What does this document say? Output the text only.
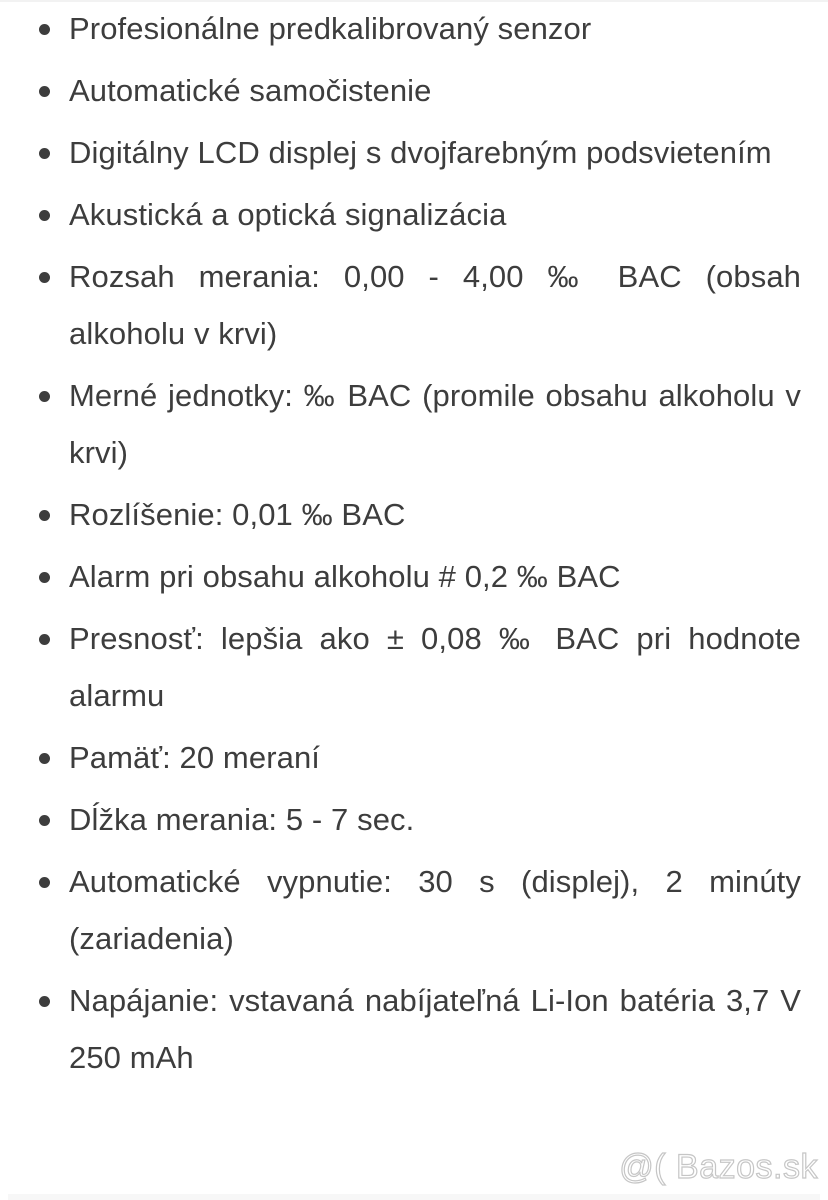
Profesionálne predkalibrovaný senzor
Automatické samočistenie
Digitálny LCD displej s dvojfarebným podsvietením
Akustická a optická signalizácia
Rozsah merania: 0,00 - 4,00 ‰ BAC (obsah alkoholu v krvi)
Merné jednotky: ‰ BAC (promile obsahu alkoholu v krvi)
Rozlíšenie: 0,01 ‰ BAC
Alarm pri obsahu alkoholu # 0,2 ‰ BAC
Presnosť: lepšia ako ± 0,08 ‰ BAC pri hodnote alarmu
Pamäť: 20 meraní
Dĺžka merania: 5 - 7 sec.
Automatické vypnutie: 30 s (displej), 2 minúty (zariadenia)
Napájanie: vstavaná nabíjateľná Li-Ion batéria 3,7 V 250 mAh
@( Bazos.sk
